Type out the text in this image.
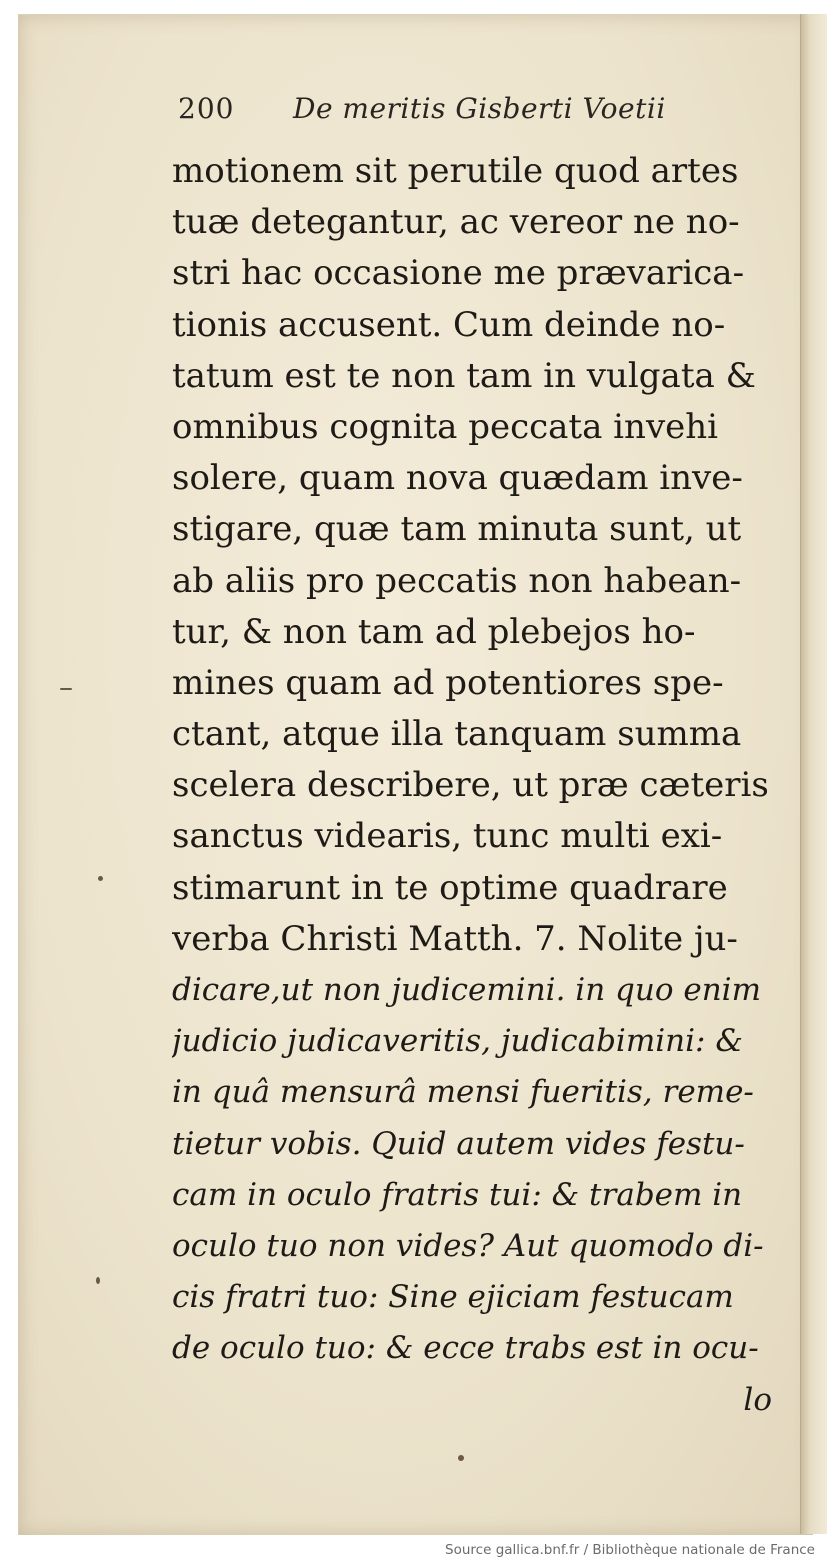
200 De meritis Gisberti Voetii
motionem sit perutile quod artes
tuæ detegantur, ac vereor ne no-
stri hac occasione me prævarica-
tionis accusent. Cum deinde no-
tatum est te non tam in vulgata &
omnibus cognita peccata invehi
solere, quam nova quædam inve-
stigare, quæ tam minuta sunt, ut
ab aliis pro peccatis non habean-
tur, & non tam ad plebejos ho-
mines quam ad potentiores spe-
ctant, atque illa tanquam summa
scelera describere, ut præ cæteris
sanctus videaris, tunc multi exi-
stimarunt in te optime quadrare
verba Christi Matth. 7. Nolite ju-
dicare,ut non judicemini. in quo enim
judicio judicaveritis, judicabimini: &
in quâ mensurâ mensi fueritis, reme-
tietur vobis. Quid autem vides festu-
cam in oculo fratris tui: & trabem in
oculo tuo non vides? Aut quomodo di-
cis fratri tuo: Sine ejiciam festucam
de oculo tuo: & ecce trabs est in ocu-
lo
Source gallica.bnf.fr / Bibliothèque nationale de France
